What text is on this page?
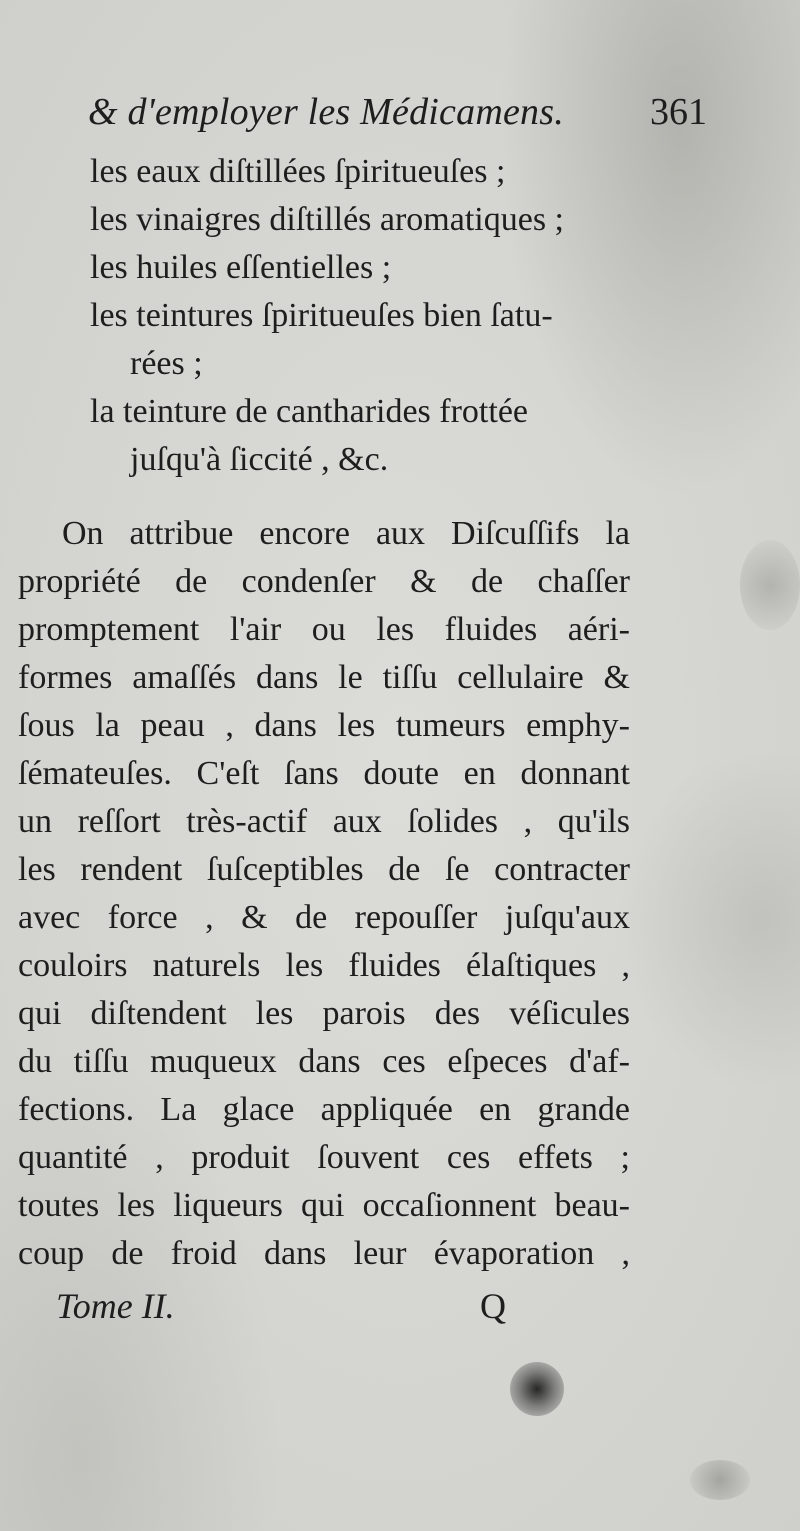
& d'employer les Médicamens. 361
les eaux diſtillées ſpiritueuſes ;
les vinaigres diſtillés aromatiques ;
les huiles eſſentielles ;
les teintures ſpiritueuſes bien ſatu-
rées ;
la teinture de cantharides frottée
juſqu'à ſiccité , &c.
On attribue encore aux Diſcuſſifs la
propriété de condenſer & de chaſſer
promptement l'air ou les fluides aéri-
formes amaſſés dans le tiſſu cellulaire &
ſous la peau , dans les tumeurs emphy-
ſémateuſes. C'eſt ſans doute en donnant
un reſſort très-actif aux ſolides , qu'ils
les rendent ſuſceptibles de ſe contracter
avec force , & de repouſſer juſqu'aux
couloirs naturels les fluides élaſtiques ,
qui diſtendent les parois des véſicules
du tiſſu muqueux dans ces eſpeces d'af-
fections. La glace appliquée en grande
quantité , produit ſouvent ces effets ;
toutes les liqueurs qui occaſionnent beau-
coup de froid dans leur évaporation ,
Tome II.	Q
